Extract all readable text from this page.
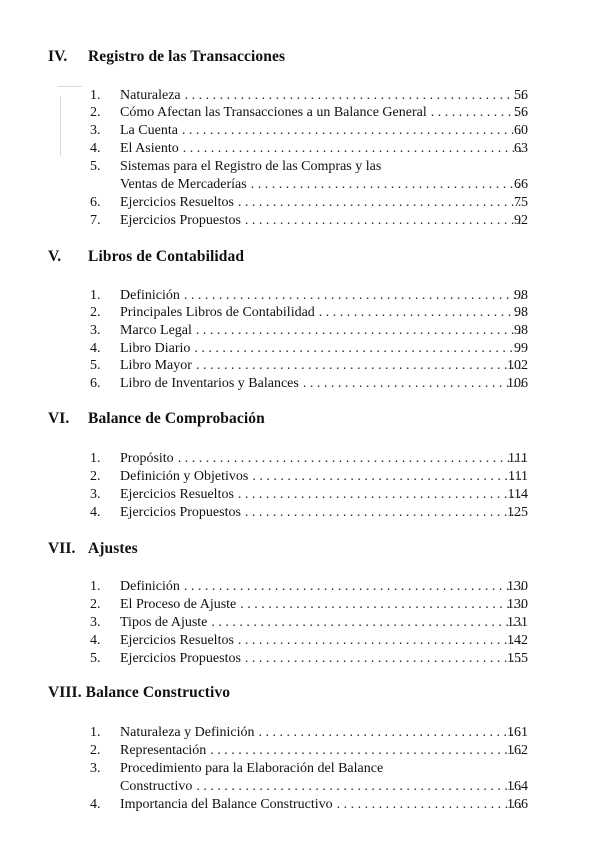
IV. Registro de las Transacciones
1.	Naturaleza . . .	56
2.	Cómo Afectan las Transacciones a un Balance General . . .	56
3.	La Cuenta . . .	60
4.	El Asiento . . .	63
5.	Sistemas para el Registro de las Compras y las
Ventas de Mercaderías . . .	66
6.	Ejercicios Resueltos . . .	75
7.	Ejercicios Propuestos . . .	92
V. Libros de Contabilidad
1.	Definición . . .	98
2.	Principales Libros de Contabilidad . . .	98
3.	Marco Legal . . .	98
4.	Libro Diario . . .	99
5.	Libro Mayor . . .	102
6.	Libro de Inventarios y Balances . . .	106
VI. Balance de Comprobación
1.	Propósito . . .	111
2.	Definición y Objetivos . . .	111
3.	Ejercicios Resueltos . . .	114
4.	Ejercicios Propuestos . . .	125
VII. Ajustes
1.	Definición . . .	130
2.	El Proceso de Ajuste . . .	130
3.	Tipos de Ajuste . . .	131
4.	Ejercicios Resueltos . . .	142
5.	Ejercicios Propuestos . . .	155
VIII. Balance Constructivo
1.	Naturaleza y Definición . . .	161
2.	Representación . . .	162
3.	Procedimiento para la Elaboración del Balance
Constructivo . . .	164
4.	Importancia del Balance Constructivo . . .	166
